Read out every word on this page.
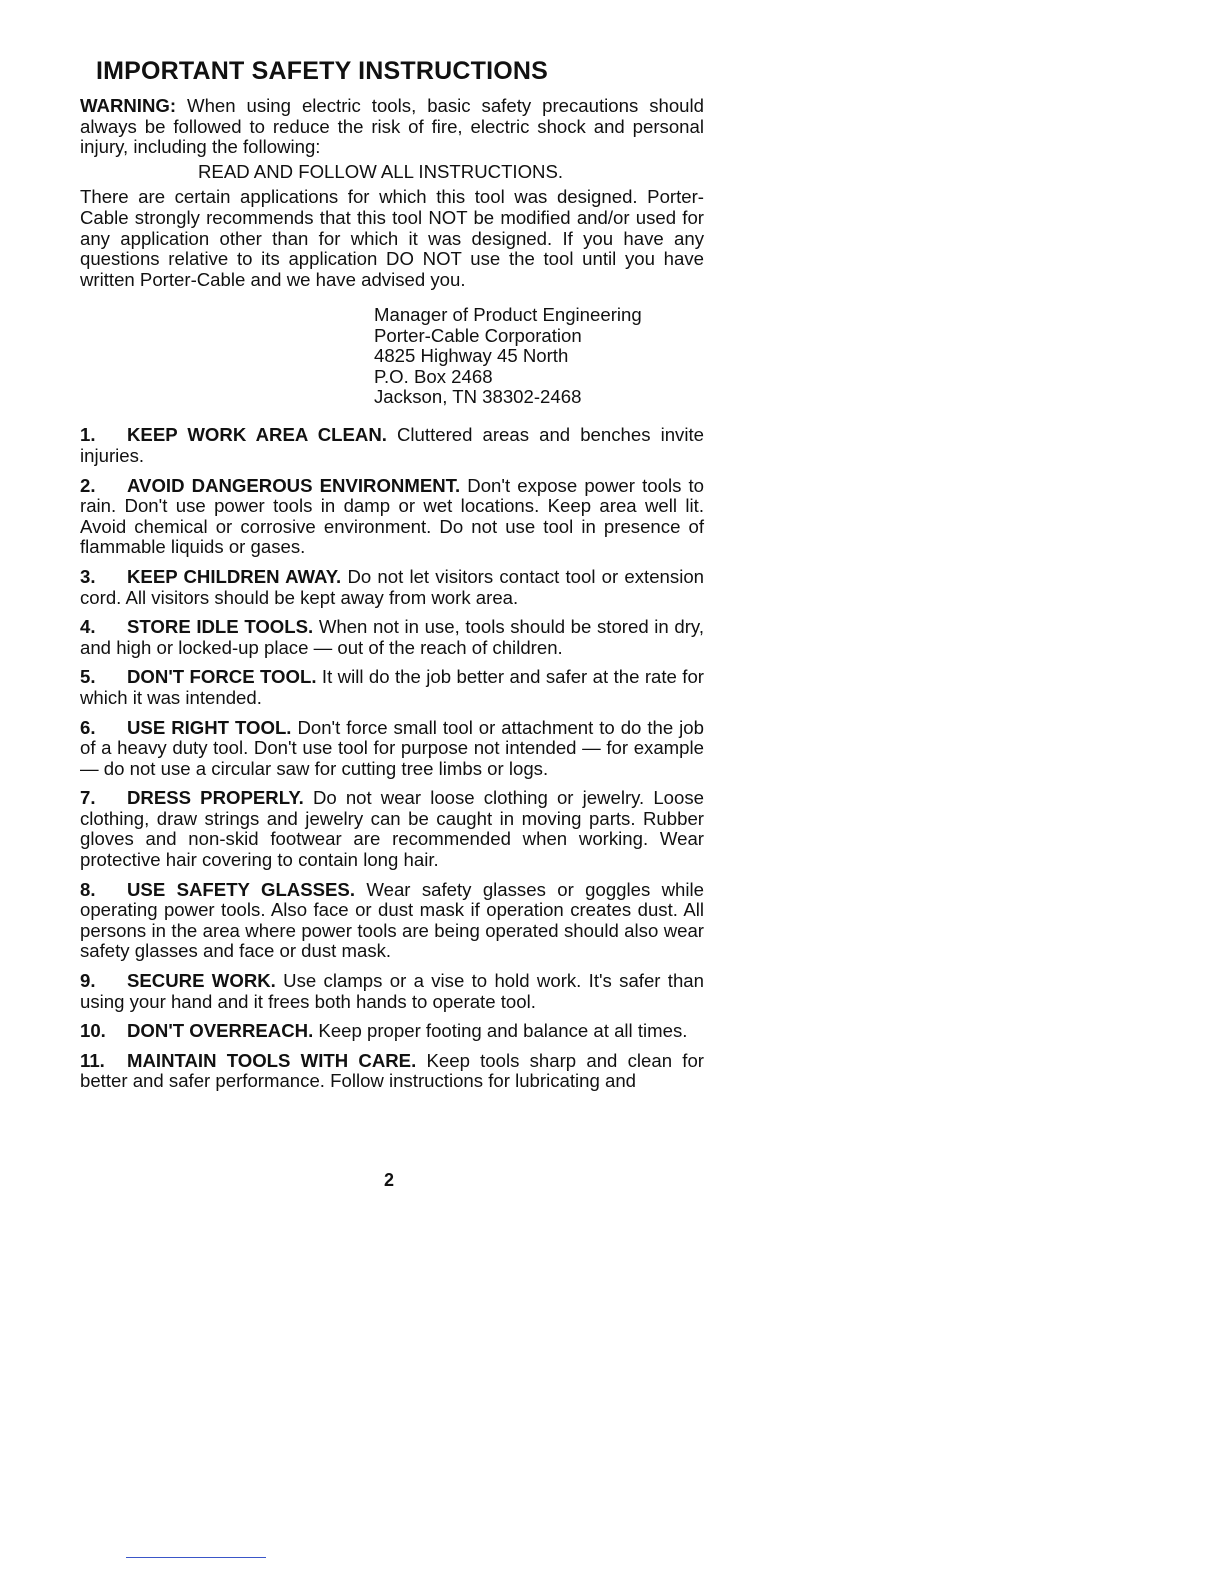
IMPORTANT SAFETY INSTRUCTIONS

WARNING: When using electric tools, basic safety precautions should always be followed to reduce the risk of fire, electric shock and personal injury, including the following:

READ AND FOLLOW ALL INSTRUCTIONS.

There are certain applications for which this tool was designed. Porter-Cable strongly recommends that this tool NOT be modified and/or used for any application other than for which it was designed. If you have any questions relative to its application DO NOT use the tool until you have written Porter-Cable and we have advised you.

Manager of Product Engineering
Porter-Cable Corporation
4825 Highway 45 North
P.O. Box 2468
Jackson, TN 38302-2468

1. KEEP WORK AREA CLEAN. Cluttered areas and benches invite injuries.

2. AVOID DANGEROUS ENVIRONMENT. Don't expose power tools to rain. Don't use power tools in damp or wet locations. Keep area well lit. Avoid chemical or corrosive environment. Do not use tool in presence of flammable liquids or gases.

3. KEEP CHILDREN AWAY. Do not let visitors contact tool or extension cord. All visitors should be kept away from work area.

4. STORE IDLE TOOLS. When not in use, tools should be stored in dry, and high or locked-up place — out of the reach of children.

5. DON'T FORCE TOOL. It will do the job better and safer at the rate for which it was intended.

6. USE RIGHT TOOL. Don't force small tool or attachment to do the job of a heavy duty tool. Don't use tool for purpose not intended — for example — do not use a circular saw for cutting tree limbs or logs.

7. DRESS PROPERLY. Do not wear loose clothing or jewelry. Loose clothing, draw strings and jewelry can be caught in moving parts. Rubber gloves and non-skid footwear are recommended when working. Wear protective hair covering to contain long hair.

8. USE SAFETY GLASSES. Wear safety glasses or goggles while operating power tools. Also face or dust mask if operation creates dust. All persons in the area where power tools are being operated should also wear safety glasses and face or dust mask.

9. SECURE WORK. Use clamps or a vise to hold work. It's safer than using your hand and it frees both hands to operate tool.

10. DON'T OVERREACH. Keep proper footing and balance at all times.

11. MAINTAIN TOOLS WITH CARE. Keep tools sharp and clean for better and safer performance. Follow instructions for lubricating and

2
